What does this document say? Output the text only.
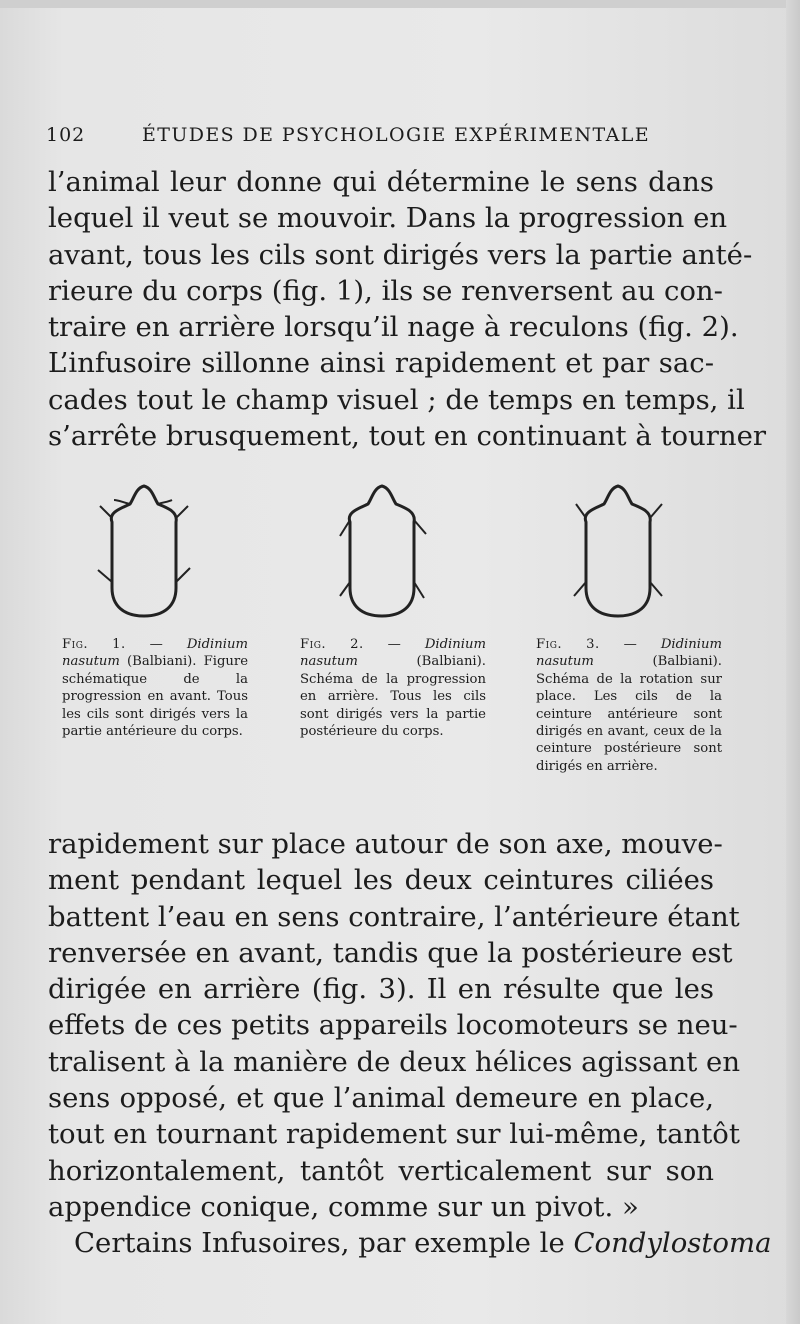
102	ÉTUDES DE PSYCHOLOGIE EXPÉRIMENTALE
l’animal leur donne qui détermine le sens dans
lequel il veut se mouvoir. Dans la progression en
avant, tous les cils sont dirigés vers la partie anté-
rieure du corps (fig. 1), ils se renversent au con-
traire en arrière lorsqu’il nage à reculons (fig. 2).
L’infusoire sillonne ainsi rapidement et par sac-
cades tout le champ visuel ; de temps en temps, il
s’arrête brusquement, tout en continuant à tourner
Fig. 1. — Didinium nasutum (Balbiani). Figure schématique de la progression en avant. Tous les cils sont dirigés vers la partie antérieure du corps.
Fig. 2. — Didinium nasutum	(Balbiani). Schéma de la progression en arrière. Tous les cils sont dirigés vers la partie postérieure du corps.
Fig. 3. — Didinium nasutum	(Balbiani). Schéma de la rotation sur place. Les cils de la ceinture antérieure sont dirigés en avant, ceux de la ceinture postérieure sont dirigés en arrière.
rapidement sur place autour de son axe, mouve-
ment pendant lequel les deux ceintures ciliées
battent l’eau en sens contraire, l’antérieure étant
renversée en avant, tandis que la postérieure est
dirigée en arrière (fig. 3). Il en résulte que les
effets de ces petits appareils locomoteurs se neu-
tralisent à la manière de deux hélices agissant en
sens opposé, et que l’animal demeure en place,
tout en tournant rapidement sur lui-même, tantôt
horizontalement, tantôt verticalement sur son
appendice conique, comme sur un pivot. »
Certains Infusoires, par exemple le Condylostoma
